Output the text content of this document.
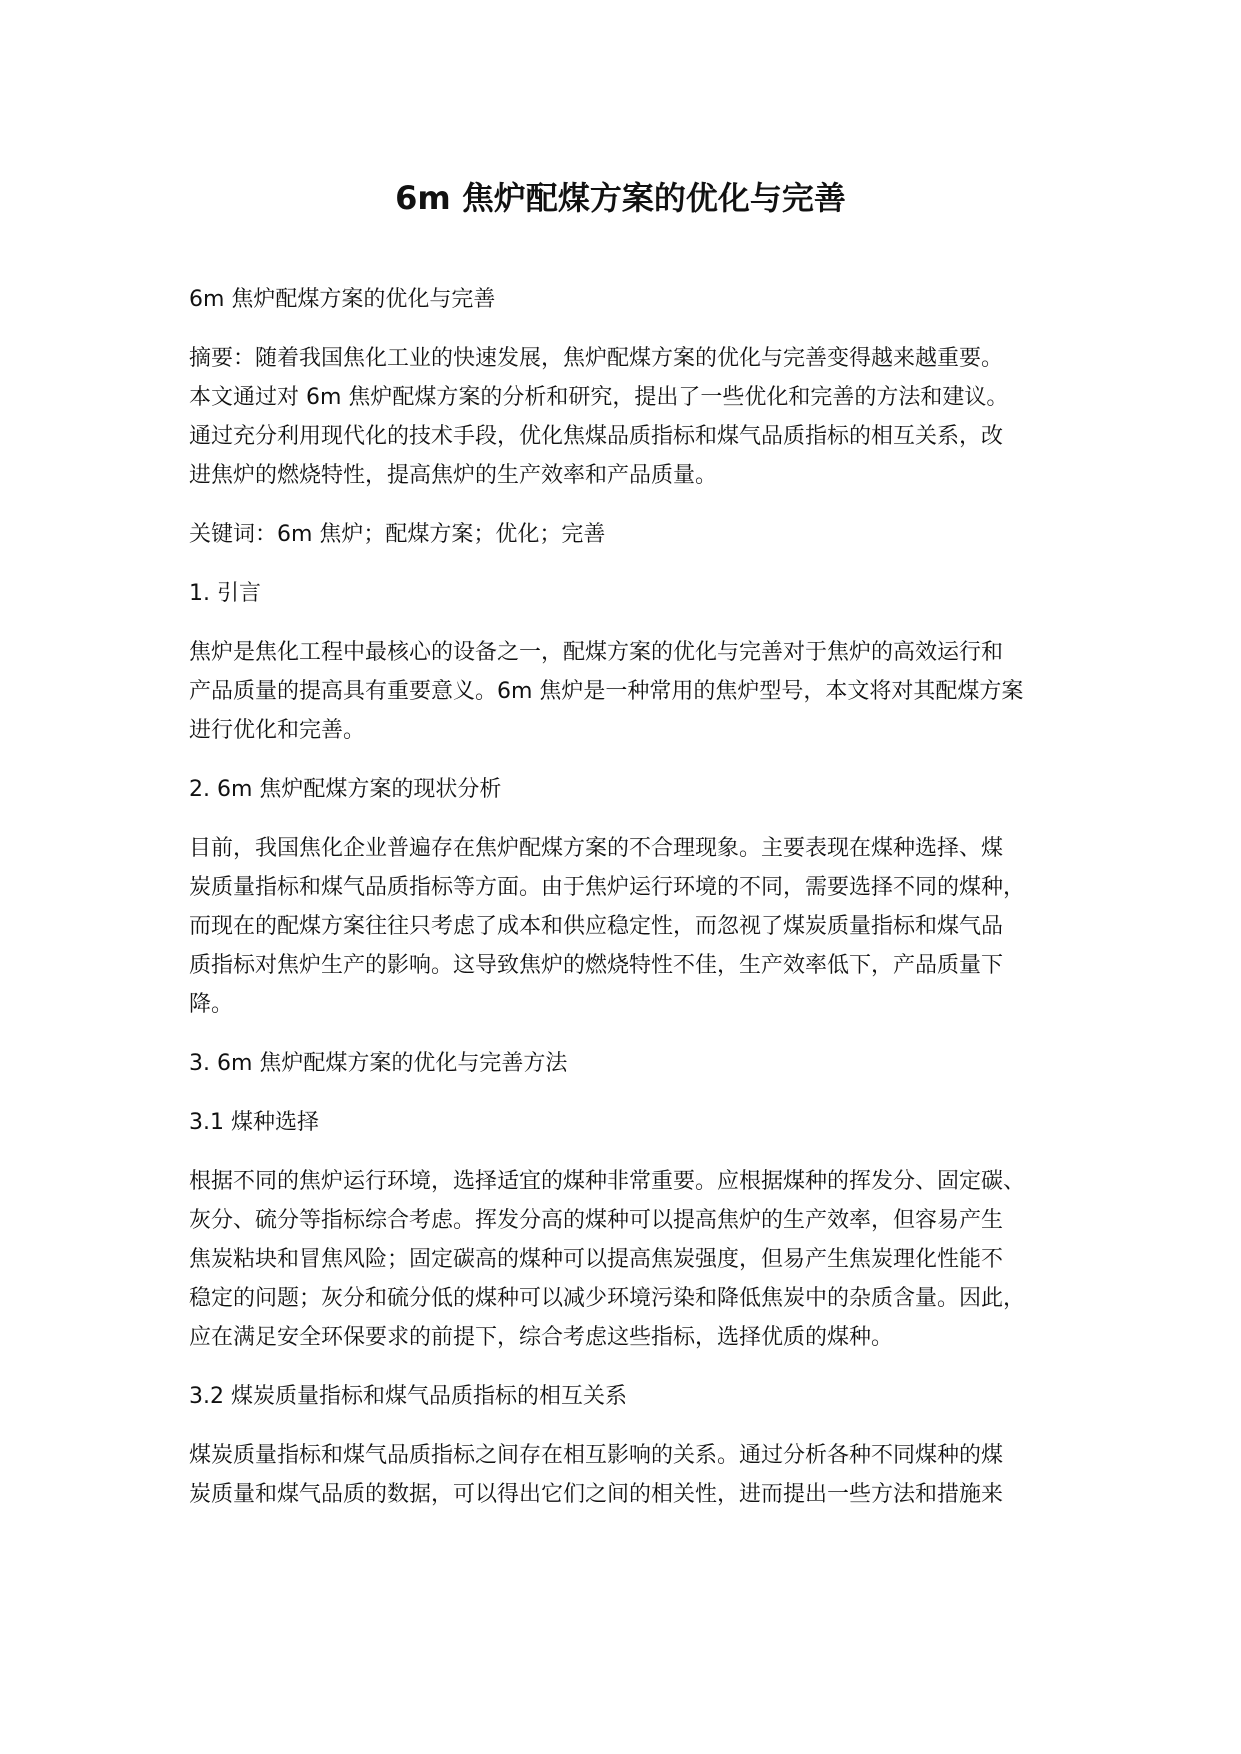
6m 焦炉配煤方案的优化与完善

6m 焦炉配煤方案的优化与完善

摘要：随着我国焦化工业的快速发展，焦炉配煤方案的优化与完善变得越来越重要。
本文通过对 6m 焦炉配煤方案的分析和研究，提出了一些优化和完善的方法和建议。
通过充分利用现代化的技术手段，优化焦煤品质指标和煤气品质指标的相互关系，改
进焦炉的燃烧特性，提高焦炉的生产效率和产品质量。

关键词：6m 焦炉；配煤方案；优化；完善

1. 引言

焦炉是焦化工程中最核心的设备之一，配煤方案的优化与完善对于焦炉的高效运行和
产品质量的提高具有重要意义。6m 焦炉是一种常用的焦炉型号，本文将对其配煤方案
进行优化和完善。

2. 6m 焦炉配煤方案的现状分析

目前，我国焦化企业普遍存在焦炉配煤方案的不合理现象。主要表现在煤种选择、煤
炭质量指标和煤气品质指标等方面。由于焦炉运行环境的不同，需要选择不同的煤种，
而现在的配煤方案往往只考虑了成本和供应稳定性，而忽视了煤炭质量指标和煤气品
质指标对焦炉生产的影响。这导致焦炉的燃烧特性不佳，生产效率低下，产品质量下
降。

3. 6m 焦炉配煤方案的优化与完善方法

3.1 煤种选择

根据不同的焦炉运行环境，选择适宜的煤种非常重要。应根据煤种的挥发分、固定碳、
灰分、硫分等指标综合考虑。挥发分高的煤种可以提高焦炉的生产效率，但容易产生
焦炭粘块和冒焦风险；固定碳高的煤种可以提高焦炭强度，但易产生焦炭理化性能不
稳定的问题；灰分和硫分低的煤种可以减少环境污染和降低焦炭中的杂质含量。因此，
应在满足安全环保要求的前提下，综合考虑这些指标，选择优质的煤种。

3.2 煤炭质量指标和煤气品质指标的相互关系

煤炭质量指标和煤气品质指标之间存在相互影响的关系。通过分析各种不同煤种的煤
炭质量和煤气品质的数据，可以得出它们之间的相关性，进而提出一些方法和措施来
